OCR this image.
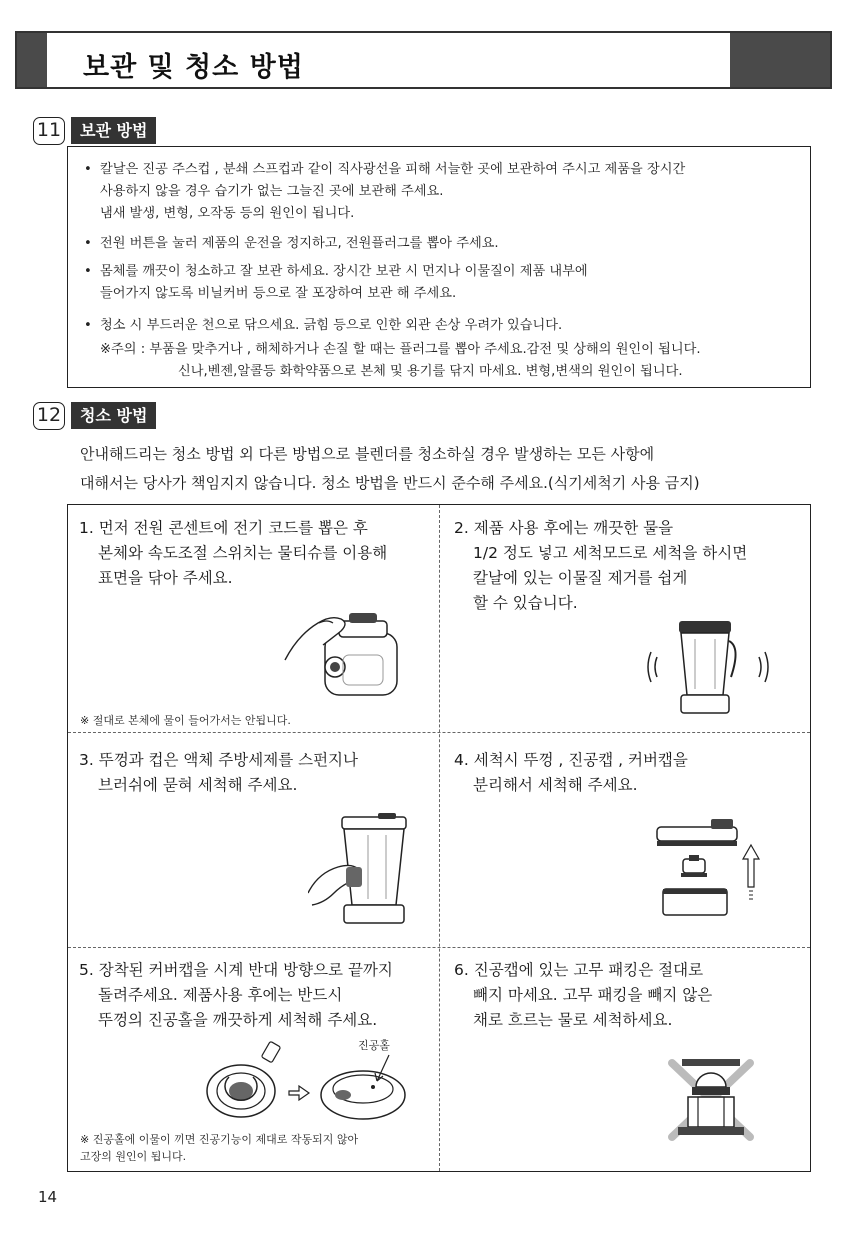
보관 및 청소 방법
11	보관 방법
• 칼날은 진공 주스컵 , 분쇄 스프컵과 같이 직사광선을 피해 서늘한 곳에 보관하여 주시고 제품을 장시간
사용하지 않을 경우 습기가 없는 그늘진 곳에 보관해 주세요.
냄새 발생, 변형, 오작동 등의 원인이 됩니다.
• 전원 버튼을 눌러 제품의 운전을 정지하고, 전원플러그를 뽑아 주세요.
• 몸체를 깨끗이 청소하고 잘 보관 하세요. 장시간 보관 시 먼지나 이물질이 제품 내부에
들어가지 않도록 비닐커버 등으로 잘 포장하여 보관 해 주세요.
• 청소 시 부드러운 천으로 닦으세요. 긁힘 등으로 인한 외관 손상 우려가 있습니다.
※주의 : 부품을 맞추거나 , 해체하거나 손질 할 때는 플러그를 뽑아 주세요.감전 및 상해의 원인이 됩니다.
신나,벤젠,알콜등 화학약품으로 본체 및 용기를 닦지 마세요. 변형,변색의 원인이 됩니다.
12	청소 방법
안내해드리는 청소 방법 외 다른 방법으로 블렌더를 청소하실 경우 발생하는 모든 사항에
대해서는 당사가 책임지지 않습니다. 청소 방법을 반드시 준수해 주세요.(식기세척기 사용 금지)
1. 먼저 전원 콘센트에 전기 코드를 뽑은 후
본체와 속도조절 스위치는 물티슈를 이용해
표면을 닦아 주세요.
※ 절대로 본체에 물이 들어가서는 안됩니다.
2. 제품 사용 후에는 깨끗한 물을
1/2 정도 넣고 세척모드로 세척을 하시면
칼날에 있는 이물질 제거를 쉽게
할 수 있습니다.
3. 뚜껑과 컵은 액체 주방세제를 스펀지나
브러쉬에 묻혀 세척해 주세요.
4. 세척시 뚜껑 , 진공캡 , 커버캡을
분리해서 세척해 주세요.
5. 장착된 커버캡을 시계 반대 방향으로 끝까지
돌려주세요. 제품사용 후에는 반드시
뚜껑의 진공홀을 깨끗하게 세척해 주세요.
진공홀
※ 진공홀에 이물이 끼면 진공기능이 제대로 작동되지 않아
고장의 원인이 됩니다.
6. 진공캡에 있는 고무 패킹은 절대로
빼지 마세요. 고무 패킹을 빼지 않은
채로 흐르는 물로 세척하세요.
14
